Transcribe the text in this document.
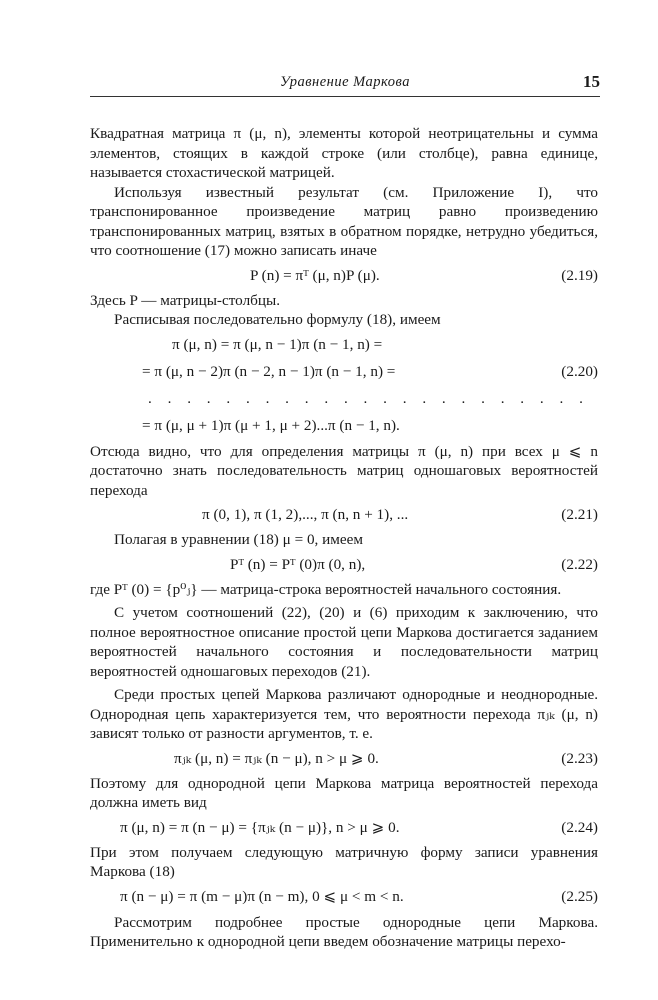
Уравнение Маркова	15

Квадратная матрица π (μ, n), элементы которой неотрицательны и сумма элементов, стоящих в каждой строке (или столбце), равна единице, называется стохастической матрицей.

Используя известный результат (см. Приложение I), что транспонированное произведение матриц равно произведению транспонированных матриц, взятых в обратном порядке, нетрудно убедиться, что соотношение (17) можно записать иначе

P (n) = πᵀ (μ, n)P (μ).	(2.19)

Здесь P — матрицы-столбцы.

Расписывая последовательно формулу (18), имеем

π (μ, n) = π (μ, n − 1)π (n − 1, n) =
= π (μ, n − 2)π (n − 2, n − 1)π (n − 1, n) =	(2.20)
. . . . . . . . . . . . . . . . . . . . . . .
= π (μ, μ + 1)π (μ + 1, μ + 2)...π (n − 1, n).

Отсюда видно, что для определения матрицы π (μ, n) при всех μ ⩽ n достаточно знать последовательность матриц одношаговых вероятностей перехода

π (0, 1), π (1, 2),..., π (n, n + 1), ...	(2.21)

Полагая в уравнении (18) μ = 0, имеем

Pᵀ (n) = Pᵀ (0)π (0, n),	(2.22)

где Pᵀ (0) = {p⁰ⱼ} — матрица-строка вероятностей начального состояния.

С учетом соотношений (22), (20) и (6) приходим к заключению, что полное вероятностное описание простой цепи Маркова достигается заданием вероятностей начального состояния и последовательности матриц вероятностей одношаговых переходов (21).

Среди простых цепей Маркова различают однородные и неоднородные. Однородная цепь характеризуется тем, что вероятности перехода πⱼₖ (μ, n) зависят только от разности аргументов, т. е.

πⱼₖ (μ, n) = πⱼₖ (n − μ), n > μ ⩾ 0.	(2.23)

Поэтому для однородной цепи Маркова матрица вероятностей перехода должна иметь вид

π (μ, n) = π (n − μ) = {πⱼₖ (n − μ)}, n > μ ⩾ 0.	(2.24)

При этом получаем следующую матричную форму записи уравнения Маркова (18)

π (n − μ) = π (m − μ)π (n − m), 0 ⩽ μ < m < n.	(2.25)

Рассмотрим подробнее простые однородные цепи Маркова. Применительно к однородной цепи введем обозначение матрицы перехо-
